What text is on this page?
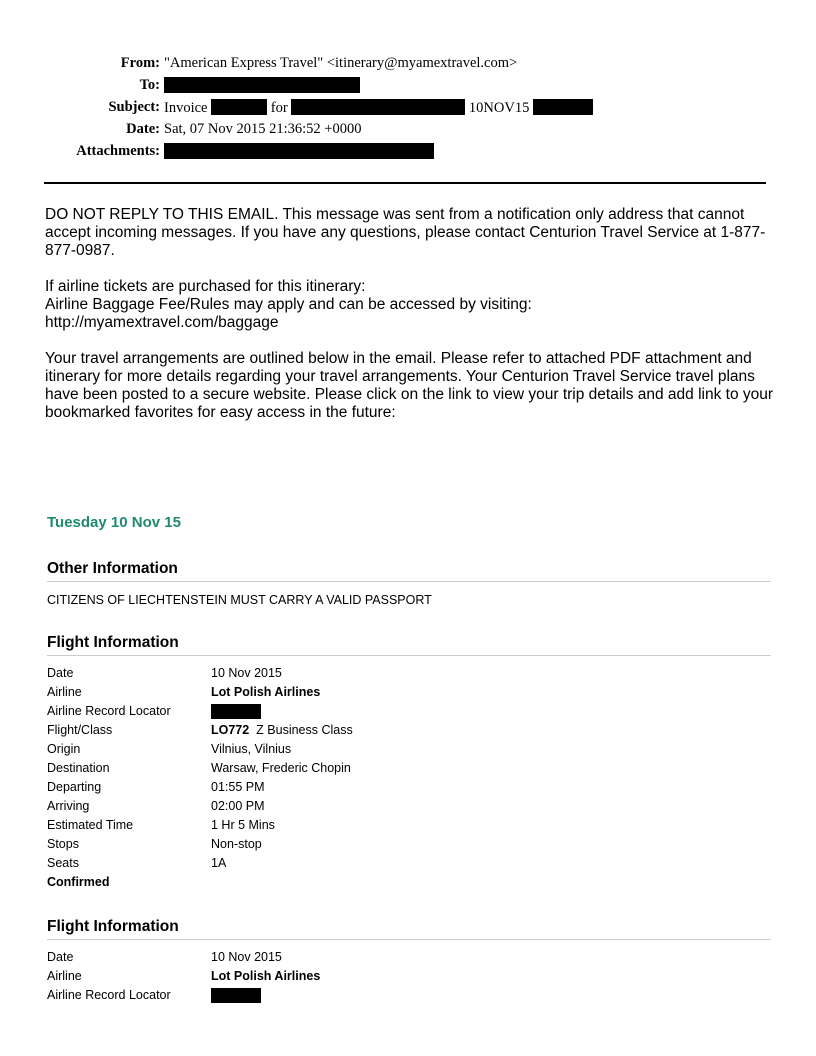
From: "American Express Travel" <itinerary@myamextravel.com>
To:
Subject: Invoice	for	10NOV15
Date: Sat, 07 Nov 2015 21:36:52 +0000
Attachments:

DO NOT REPLY TO THIS EMAIL. This message was sent from a notification only address that cannot accept incoming messages. If you have any questions, please contact Centurion Travel Service at 1-877-877-0987.

If airline tickets are purchased for this itinerary:

Airline Baggage Fee/Rules may apply and can be accessed by visiting:

http://myamextravel.com/baggage

Your travel arrangements are outlined below in the email. Please refer to attached PDF attachment and itinerary for more details regarding your travel arrangements. Your Centurion Travel Service travel plans have been posted to a secure website. Please click on the link to view your trip details and add link to your bookmarked favorites for easy access in the future:

Tuesday 10 Nov 15
Other Information
CITIZENS OF LIECHTENSTEIN MUST CARRY A VALID PASSPORT
Flight Information
Date	10 Nov 2015
Airline	Lot Polish Airlines
Airline Record Locator
Flight/Class	LO772 Z Business Class
Origin	Vilnius, Vilnius
Destination	Warsaw, Frederic Chopin
Departing	01:55 PM
Arriving	02:00 PM
Estimated Time	1 Hr 5 Mins
Stops	Non-stop
Seats	1A
Confirmed
Flight Information
Date	10 Nov 2015
Airline	Lot Polish Airlines
Airline Record Locator
